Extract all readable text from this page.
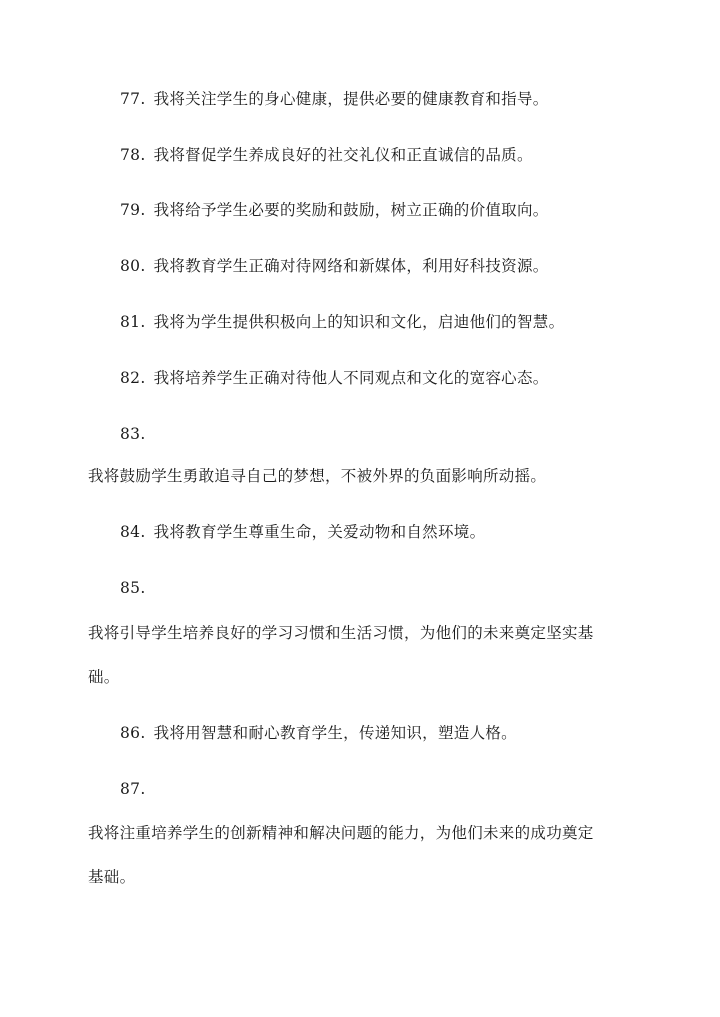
77. 我将关注学生的身心健康，提供必要的健康教育和指导。
78. 我将督促学生养成良好的社交礼仪和正直诚信的品质。
79. 我将给予学生必要的奖励和鼓励，树立正确的价值取向。
80. 我将教育学生正确对待网络和新媒体，利用好科技资源。
81. 我将为学生提供积极向上的知识和文化，启迪他们的智慧。
82. 我将培养学生正确对待他人不同观点和文化的宽容心态。
83.
我将鼓励学生勇敢追寻自己的梦想，不被外界的负面影响所动摇。
84. 我将教育学生尊重生命，关爱动物和自然环境。
85.
我将引导学生培养良好的学习习惯和生活习惯，为他们的未来奠定坚实基
础。
86. 我将用智慧和耐心教育学生，传递知识，塑造人格。
87.
我将注重培养学生的创新精神和解决问题的能力，为他们未来的成功奠定
基础。
